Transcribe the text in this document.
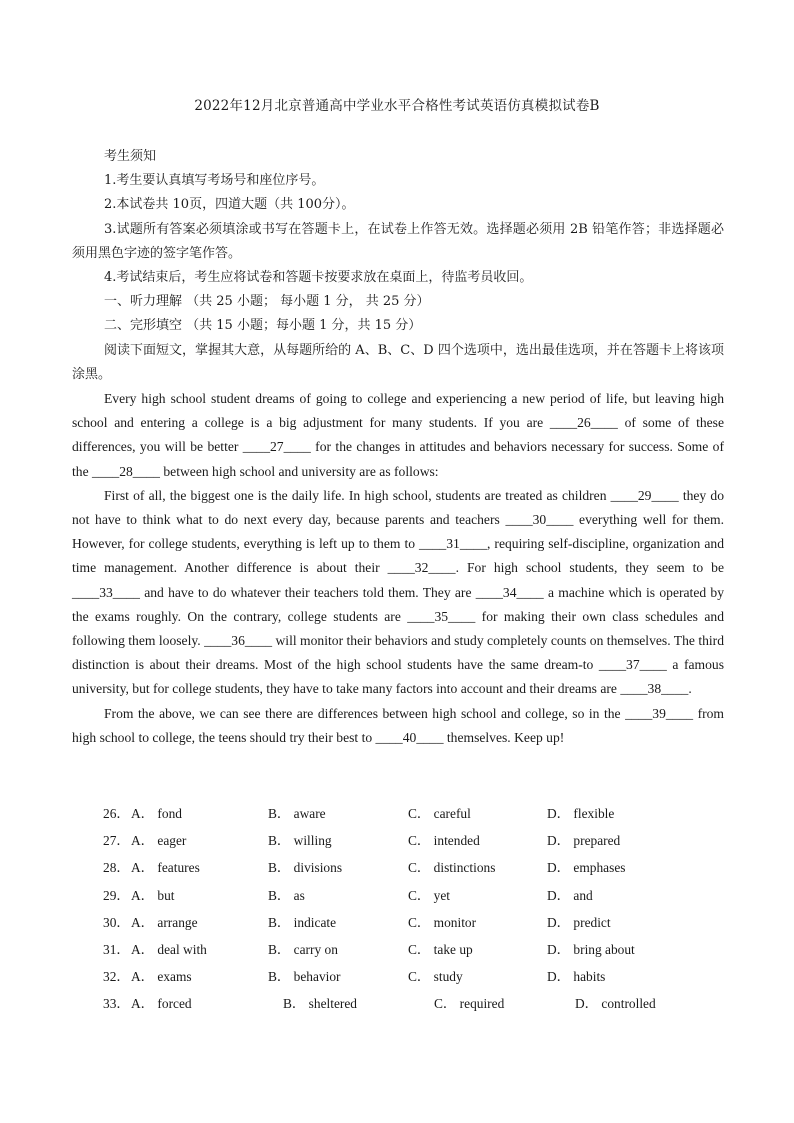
2022年12月北京普通高中学业水平合格性考试英语仿真模拟试卷B

考生须知

1.考生要认真填写考场号和座位序号。

2.本试卷共 10页，四道大题（共 100分）。

3.试题所有答案必须填涂或书写在答题卡上，在试卷上作答无效。选择题必须用 2B 铅笔作答；非选择题必须用黑色字迹的签字笔作答。

4.考试结束后，考生应将试卷和答题卡按要求放在桌面上，待监考员收回。

一、听力理解 （共 25 小题； 每小题 1 分， 共 25 分）

二、完形填空 （共 15 小题；每小题 1 分，共 15 分）

阅读下面短文，掌握其大意，从每题所给的 A、B、C、D 四个选项中，选出最佳选项，并在答题卡上将该项涂黑。

Every high school student dreams of going to college and experiencing a new period of life, but leaving high school and entering a college is a big adjustment for many students. If you are ____26____ of some of these differences, you will be better ____27____ for the changes in attitudes and behaviors necessary for success. Some of the ____28____ between high school and university are as follows:

First of all, the biggest one is the daily life. In high school, students are treated as children ____29____ they do not have to think what to do next every day, because parents and teachers ____30____ everything well for them. However, for college students, everything is left up to them to ____31____, requiring self-discipline, organization and time management. Another difference is about their ____32____. For high school students, they seem to be ____33____ and have to do whatever their teachers told them. They are ____34____ a machine which is operated by the exams roughly. On the contrary, college students are ____35____ for making their own class schedules and following them loosely. ____36____ will monitor their behaviors and study completely counts on themselves. The third distinction is about their dreams. Most of the high school students have the same dream-to ____37____ a famous university, but for college students, they have to take many factors into account and their dreams are ____38____.

From the above, we can see there are differences between high school and college, so in the ____39____ from high school to college, the teens should try their best to ____40____ themselves. Keep up!

26． A． fond	B． aware	C． careful	D． flexible
27． A． eager	B． willing	C． intended	D． prepared
28． A． features	B． divisions	C． distinctions	D． emphases
29． A． but	B． as	C． yet	D． and
30． A． arrange	B． indicate	C． monitor	D． predict
31． A． deal with	B． carry on	C． take up	D． bring about
32． A． exams	B． behavior	C． study	D． habits
33． A． forced	B． sheltered	C． required	D． controlled
